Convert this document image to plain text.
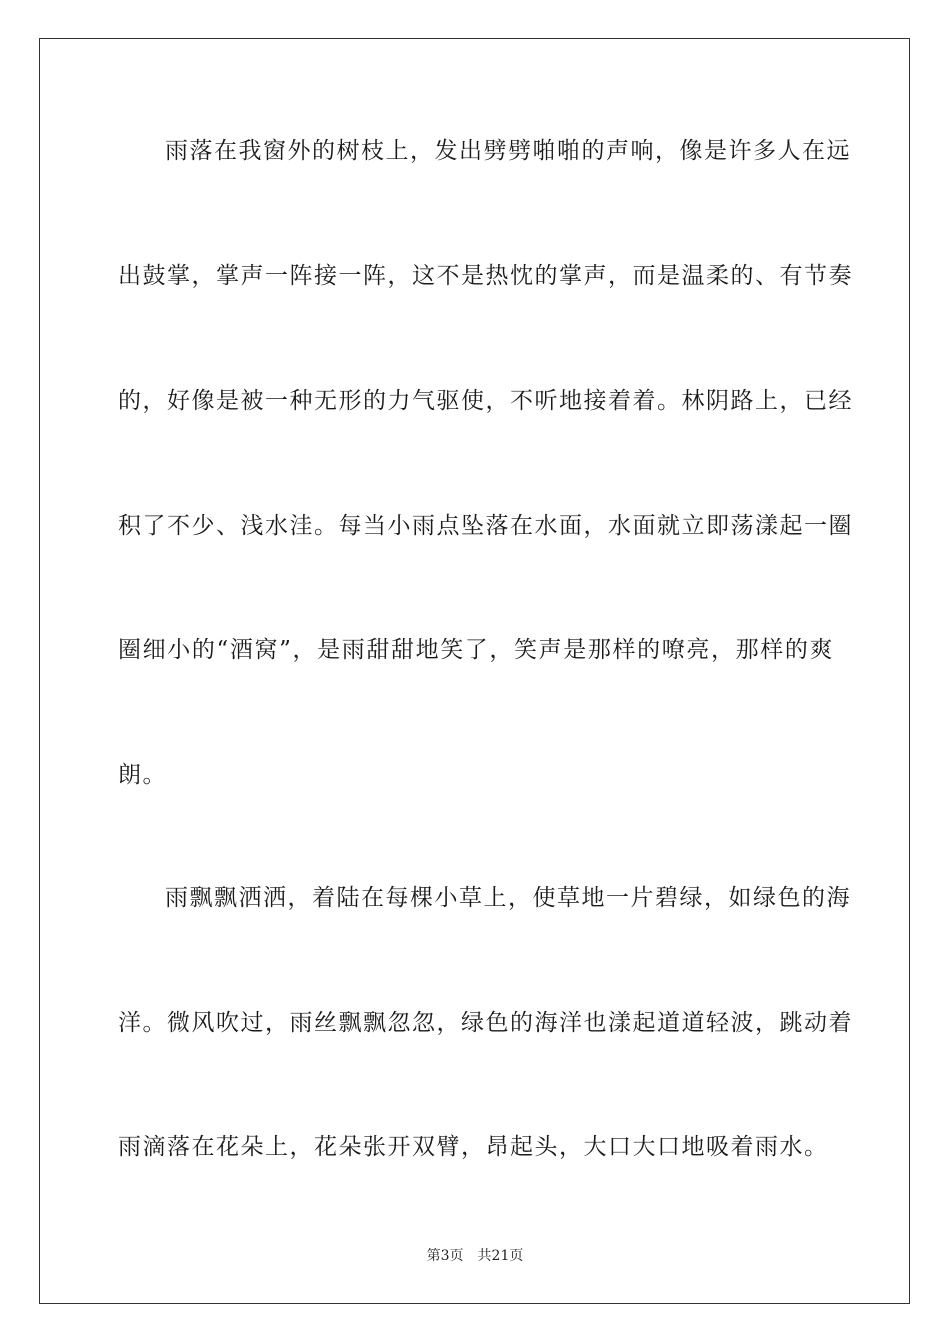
雨落在我窗外的树枝上，发出劈劈啪啪的声响，像是许多人在远
出鼓掌，掌声一阵接一阵，这不是热忱的掌声，而是温柔的、有节奏
的，好像是被一种无形的力气驱使，不听地接着着。林阴路上，已经
积了不少、浅水洼。每当小雨点坠落在水面，水面就立即荡漾起一圈
圈细小的“酒窝”，是雨甜甜地笑了，笑声是那样的嘹亮，那样的爽
朗。
雨飘飘洒洒，着陆在每棵小草上，使草地一片碧绿，如绿色的海
洋。微风吹过，雨丝飘飘忽忽，绿色的海洋也漾起道道轻波，跳动着
雨滴落在花朵上，花朵张开双臂，昂起头，大口大口地吸着雨水。
第3页 共21页
